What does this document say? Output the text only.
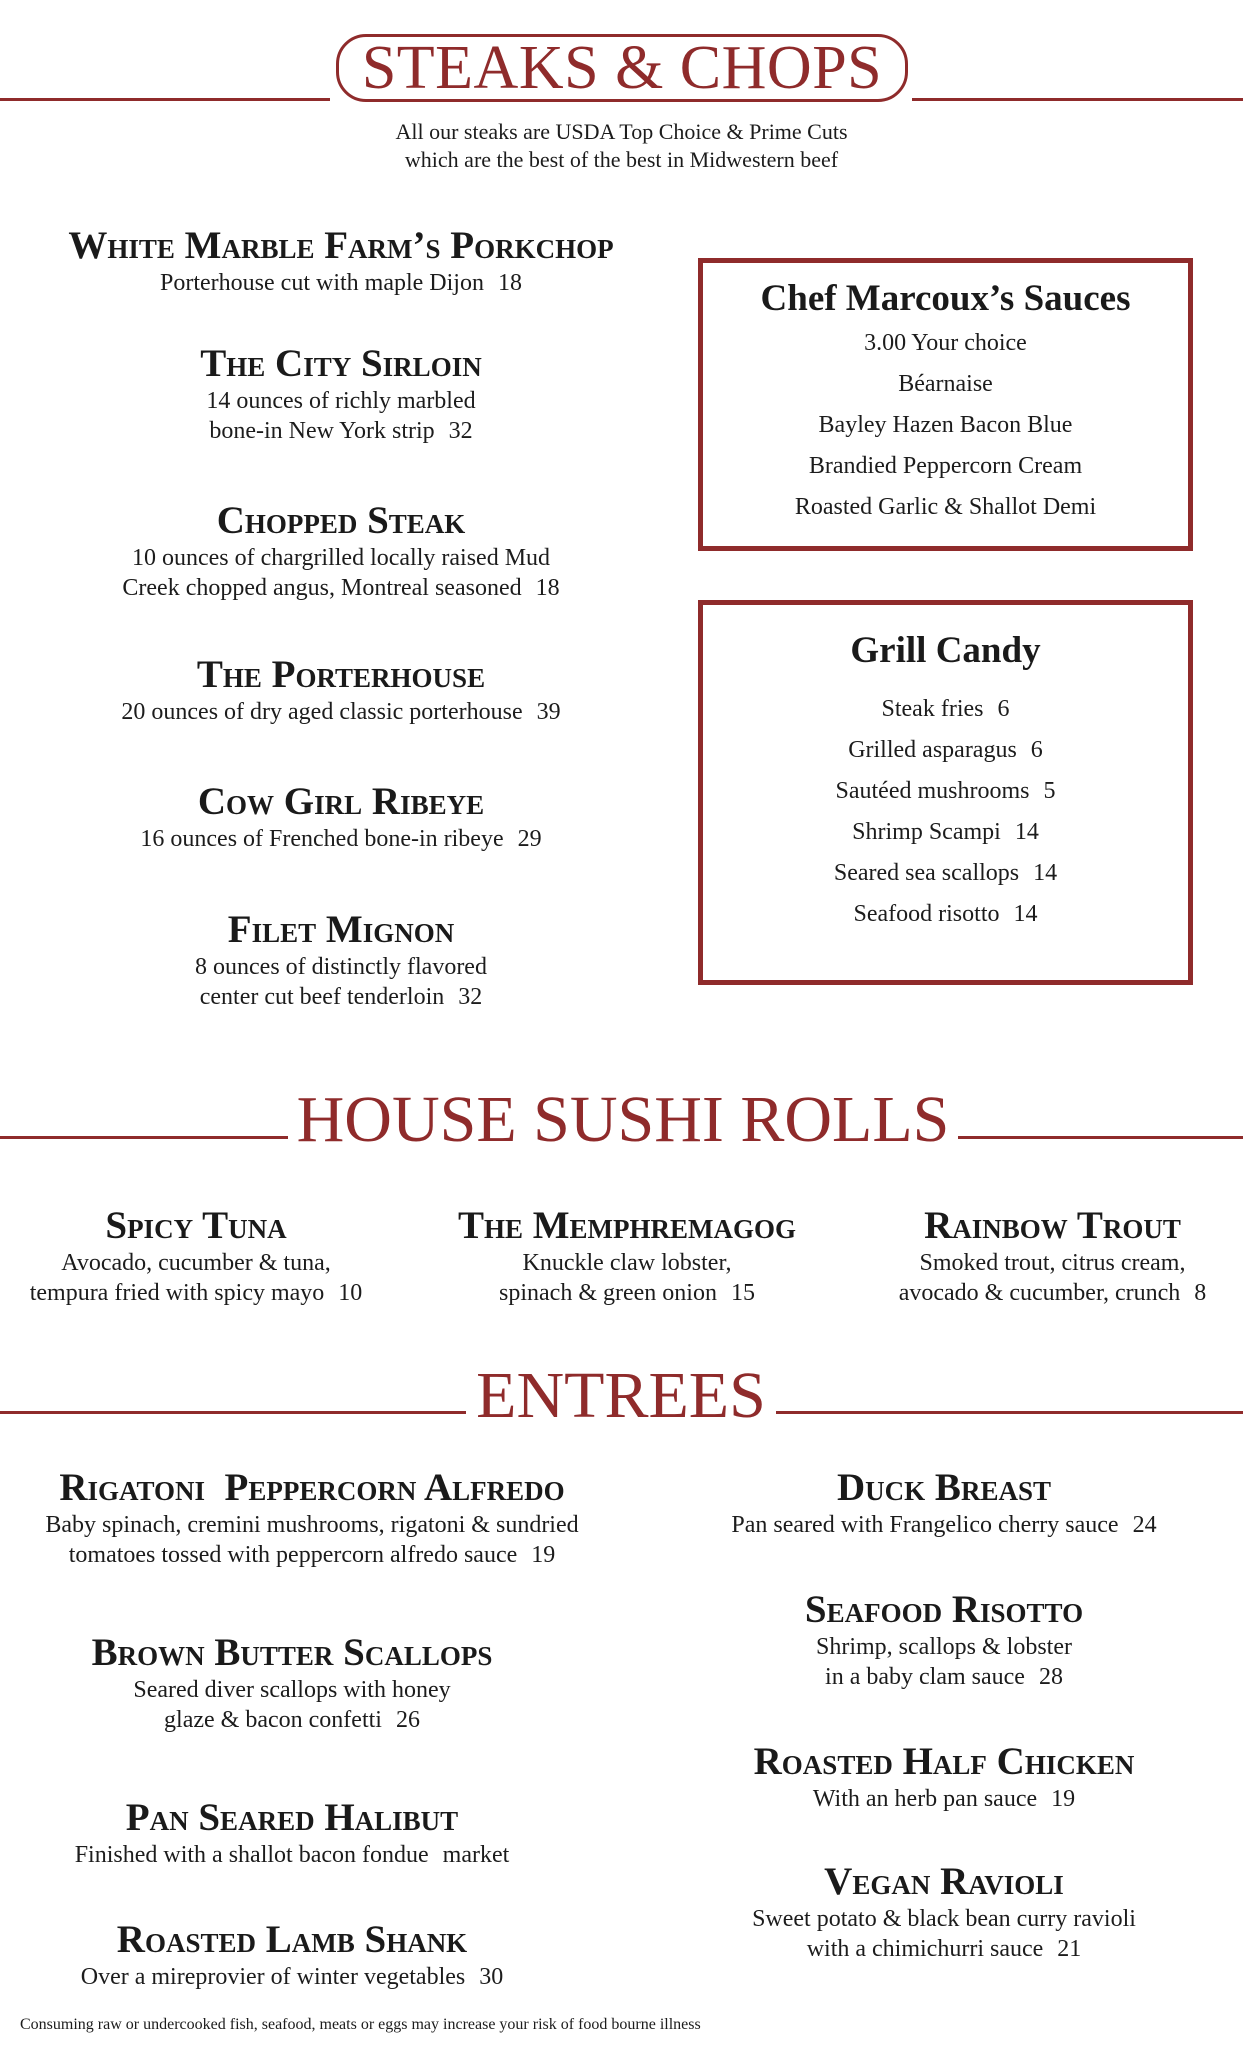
STEAKS & CHOPS
All our steaks are USDA Top Choice & Prime Cuts
which are the best of the best in Midwestern beef
White Marble Farm’s Porkchop
Porterhouse cut with maple Dijon 18
The City Sirloin
14 ounces of richly marbled
bone-in New York strip 32
Chopped Steak
10 ounces of chargrilled locally raised Mud
Creek chopped angus, Montreal seasoned 18
The Porterhouse
20 ounces of dry aged classic porterhouse 39
Cow Girl Ribeye
16 ounces of Frenched bone-in ribeye 29
Filet Mignon
8 ounces of distinctly flavored
center cut beef tenderloin 32
Chef Marcoux’s Sauces
3.00 Your choice
Béarnaise
Bayley Hazen Bacon Blue
Brandied Peppercorn Cream
Roasted Garlic & Shallot Demi
Grill Candy
Steak fries 6
Grilled asparagus 6
Sautéed mushrooms 5
Shrimp Scampi 14
Seared sea scallops 14
Seafood risotto 14
HOUSE SUSHI ROLLS
Spicy Tuna
Avocado, cucumber & tuna,
tempura fried with spicy mayo 10
The Memphremagog
Knuckle claw lobster,
spinach & green onion 15
Rainbow Trout
Smoked trout, citrus cream,
avocado & cucumber, crunch 8
ENTREES
Rigatoni  Peppercorn Alfredo
Baby spinach, cremini mushrooms, rigatoni & sundried
tomatoes tossed with peppercorn alfredo sauce 19
Brown Butter Scallops
Seared diver scallops with honey
glaze & bacon confetti 26
Pan Seared Halibut
Finished with a shallot bacon fondue market
Roasted Lamb Shank
Over a mireprovier of winter vegetables 30
Duck Breast
Pan seared with Frangelico cherry sauce 24
Seafood Risotto
Shrimp, scallops & lobster
in a baby clam sauce 28
Roasted Half Chicken
With an herb pan sauce 19
Vegan Ravioli
Sweet potato & black bean curry ravioli
with a chimichurri sauce 21
Consuming raw or undercooked fish, seafood, meats or eggs may increase your risk of food bourne illness
